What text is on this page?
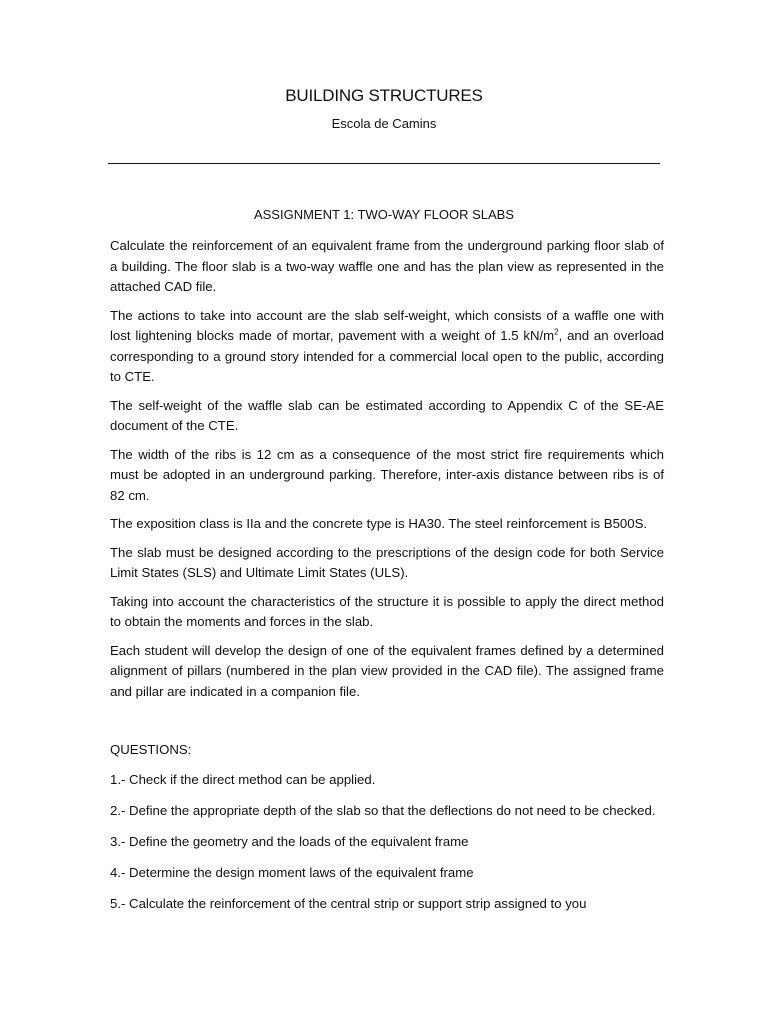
BUILDING STRUCTURES
Escola de Camins
ASSIGNMENT 1: TWO-WAY FLOOR SLABS

Calculate the reinforcement of an equivalent frame from the underground parking floor slab of a building. The floor slab is a two-way waffle one and has the plan view as represented in the attached CAD file.

The actions to take into account are the slab self-weight, which consists of a waffle one with lost lightening blocks made of mortar, pavement with a weight of 1.5 $kN/m^2$, and an overload corresponding to a ground story intended for a commercial local open to the public, according to CTE.

The self-weight of the waffle slab can be estimated according to Appendix C of the SE-AE document of the CTE.

The width of the ribs is 12 cm as a consequence of the most strict fire requirements which must be adopted in an underground parking. Therefore, inter-axis distance between ribs is of 82 cm.

The exposition class is IIa and the concrete type is HA30. The steel reinforcement is B500S.

The slab must be designed according to the prescriptions of the design code for both Service Limit States (SLS) and Ultimate Limit States (ULS).

Taking into account the characteristics of the structure it is possible to apply the direct method to obtain the moments and forces in the slab.

Each student will develop the design of one of the equivalent frames defined by a determined alignment of pillars (numbered in the plan view provided in the CAD file). The assigned frame and pillar are indicated in a companion file.

QUESTIONS:
1.- Check if the direct method can be applied.
2.- Define the appropriate depth of the slab so that the deflections do not need to be checked.
3.- Define the geometry and the loads of the equivalent frame
4.- Determine the design moment laws of the equivalent frame
5.- Calculate the reinforcement of the central strip or support strip assigned to you
